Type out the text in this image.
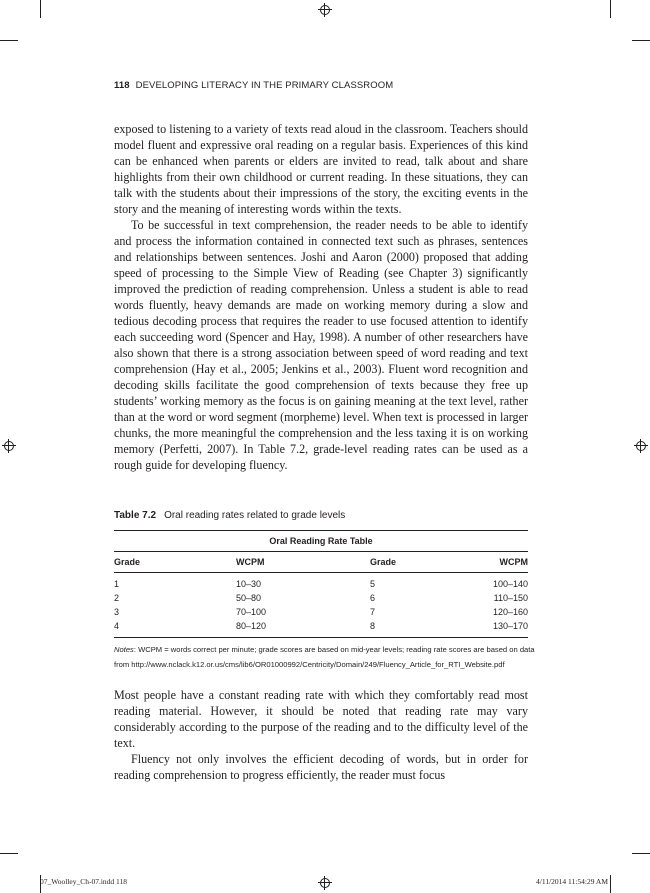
118 DEVELOPING LITERACY IN THE PRIMARY CLASSROOM

exposed to listening to a variety of texts read aloud in the classroom. Teachers should model fluent and expressive oral reading on a regular basis. Experiences of this kind can be enhanced when parents or elders are invited to read, talk about and share highlights from their own childhood or current reading. In these situations, they can talk with the students about their impressions of the story, the exciting events in the story and the meaning of interesting words within the texts.

To be successful in text comprehension, the reader needs to be able to identify and process the information contained in connected text such as phrases, sentences and relationships between sentences. Joshi and Aaron (2000) proposed that adding speed of processing to the Simple View of Reading (see Chapter 3) significantly improved the prediction of reading comprehension. Unless a student is able to read words fluently, heavy demands are made on working memory during a slow and tedious decoding process that requires the reader to use focused attention to identify each succeeding word (Spencer and Hay, 1998). A number of other researchers have also shown that there is a strong association between speed of word reading and text comprehension (Hay et al., 2005; Jenkins et al., 2003). Fluent word recognition and decoding skills facilitate the good comprehension of texts because they free up students’ working memory as the focus is on gaining meaning at the text level, rather than at the word or word segment (morpheme) level. When text is processed in larger chunks, the more meaningful the comprehension and the less taxing it is on working memory (Perfetti, 2007). In Table 7.2, grade-level reading rates can be used as a rough guide for developing fluency.

Table 7.2 Oral reading rates related to grade levels
Oral Reading Rate Table
Grade	WCPM	Grade	WCPM
1	10–30	5	100–140
2	50–80	6	110–150
3	70–100	7	120–160
4	80–120	8	130–170
Notes: WCPM = words correct per minute; grade scores are based on mid-year levels; reading rate scores are based on data
from http://www.nclack.k12.or.us/cms/lib6/OR01000992/Centricity/Domain/249/Fluency_Article_for_RTI_Website.pdf

Most people have a constant reading rate with which they comfortably read most reading material. However, it should be noted that reading rate may vary considerably according to the purpose of the reading and to the difficulty level of the text.

Fluency not only involves the efficient decoding of words, but in order for reading comprehension to progress efficiently, the reader must focus

07_Woolley_Ch-07.indd 118	4/11/2014 11:54:29 AM
